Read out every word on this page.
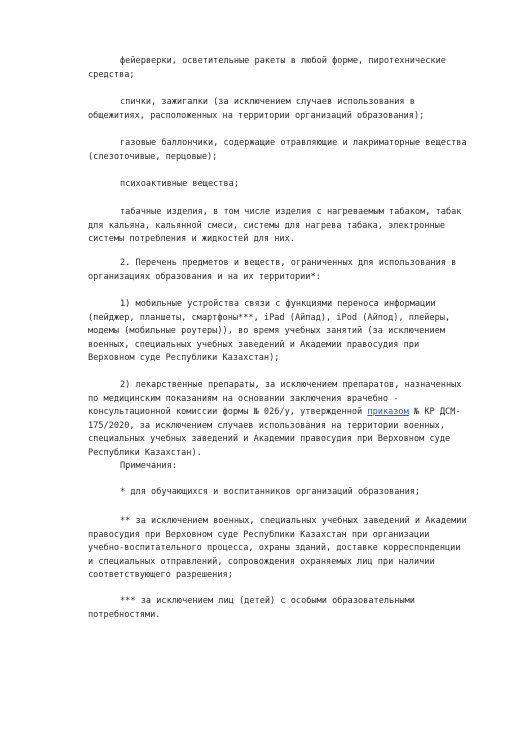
фейерверки, осветительные ракеты в любой форме, пиротехнические
средства;
спички, зажигалки (за исключением случаев использования в
общежитиях, расположенных на территории организаций образования);
газовые баллончики, содержащие отравляющие и лакриматорные вещества
(слезоточивые, перцовые);
психоактивные вещества;
табачные изделия, в том числе изделия с нагреваемым табаком, табак
для кальяна, кальянной смеси, системы для нагрева табака, электронные
системы потребления и жидкостей для них.
2. Перечень предметов и веществ, ограниченных для использования в
организациях образования и на их территории*:
1) мобильные устройства связи с функциями переноса информации
(пейджер, планшеты, смартфоны***, iPad (Айпад), iPod (Айпод), плейеры,
модемы (мобильные роутеры)), во время учебных занятий (за исключением
военных, специальных учебных заведений и Академии правосудия при
Верховном суде Республики Казахстан);
2) лекарственные препараты, за исключением препаратов, назначенных
по медицинским показаниям на основании заключения врачебно -
консультационной комиссии формы № 026/у, утвержденной приказом № КР ДСМ-
175/2020, за исключением случаев использования на территории военных,
специальных учебных заведений и Академии правосудия при Верховном суде
Республики Казахстан).
Примечания:
* для обучающихся и воспитанников организаций образования;
** за исключением военных, специальных учебных заведений и Академии
правосудия при Верховном суде Республики Казахстан при организации
учебно-воспитательного процесса, охраны зданий, доставке корреспонденции
и специальных отправлений, сопровождения охраняемых лиц при наличии
соответствующего разрешения;
*** за исключением лиц (детей) с особыми образовательными
потребностями.
